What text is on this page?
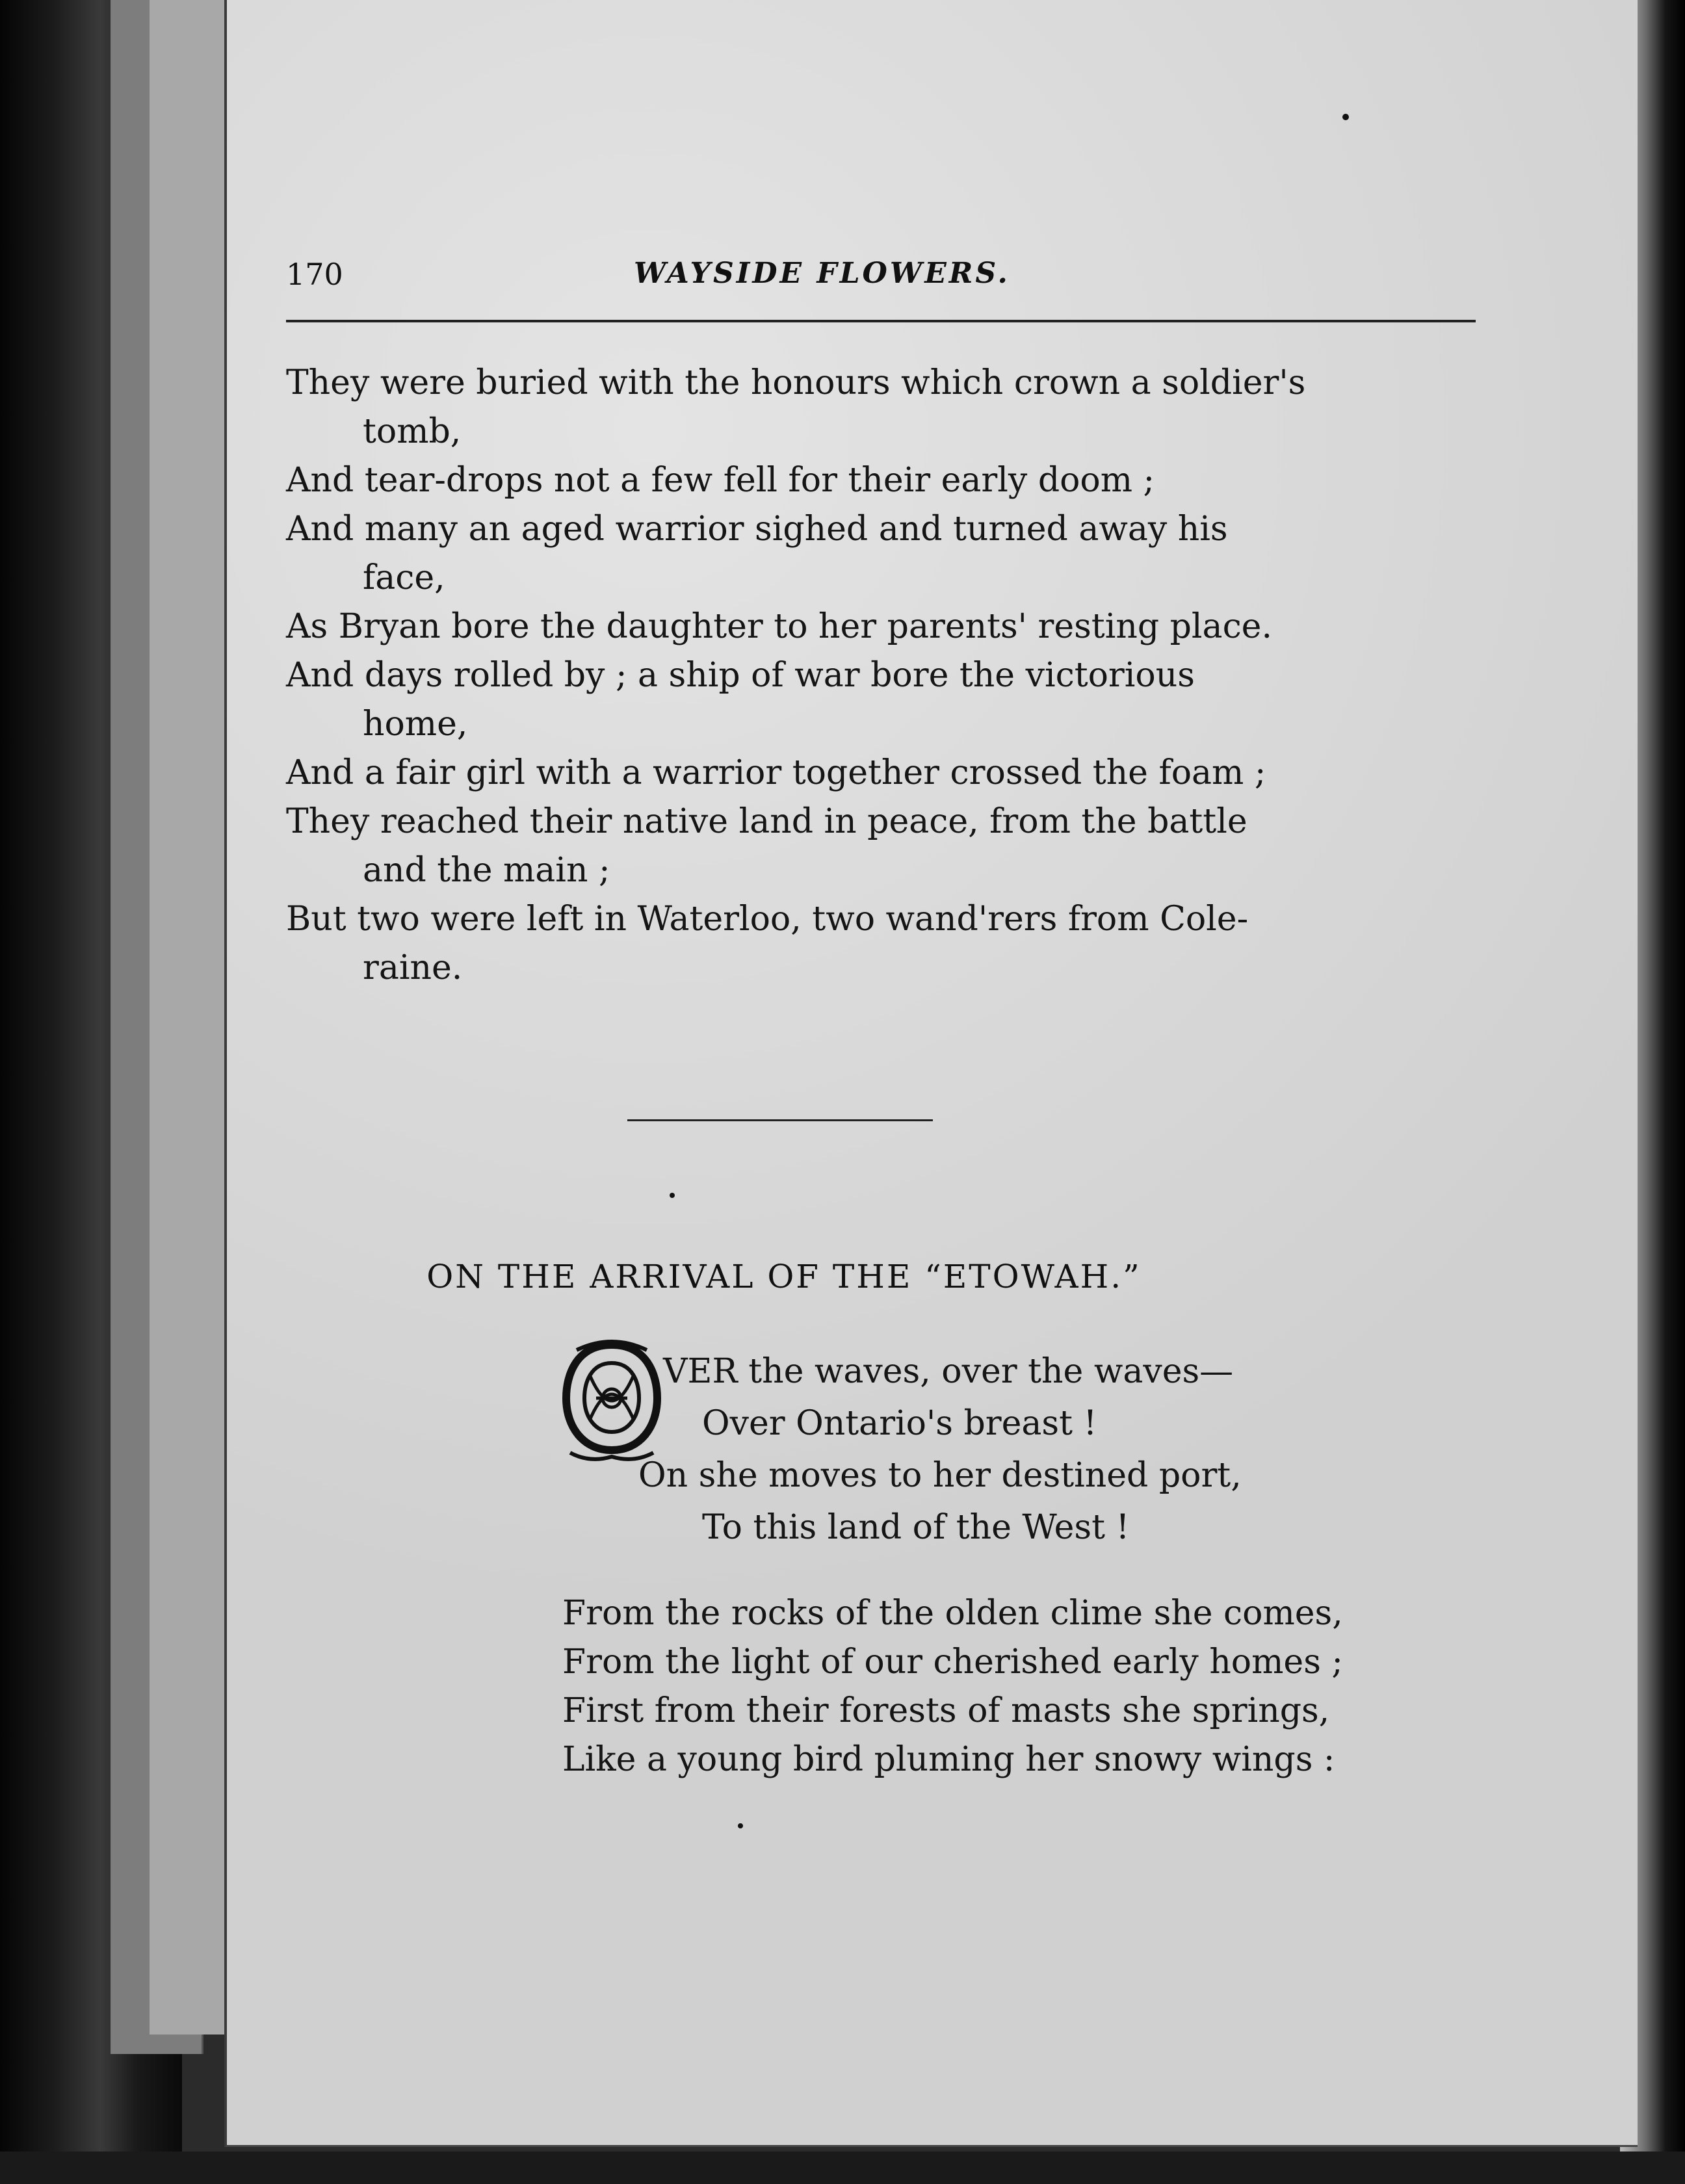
170	WAYSIDE FLOWERS.
They were buried with the honours which crown a soldier's
tomb,
And tear-drops not a few fell for their early doom ;
And many an aged warrior sighed and turned away his
face,
As Bryan bore the daughter to her parents' resting place.
And days rolled by ; a ship of war bore the victorious
home,
And a fair girl with a warrior together crossed the foam ;
They reached their native land in peace, from the battle
and the main ;
But two were left in Waterloo, two wand'rers from Cole-
raine.
ON THE ARRIVAL OF THE “ETOWAH.”
VER the waves, over the waves—
Over Ontario's breast !
On she moves to her destined port,
To this land of the West !
From the rocks of the olden clime she comes,
From the light of our cherished early homes ;
First from their forests of masts she springs,
Like a young bird pluming her snowy wings :
